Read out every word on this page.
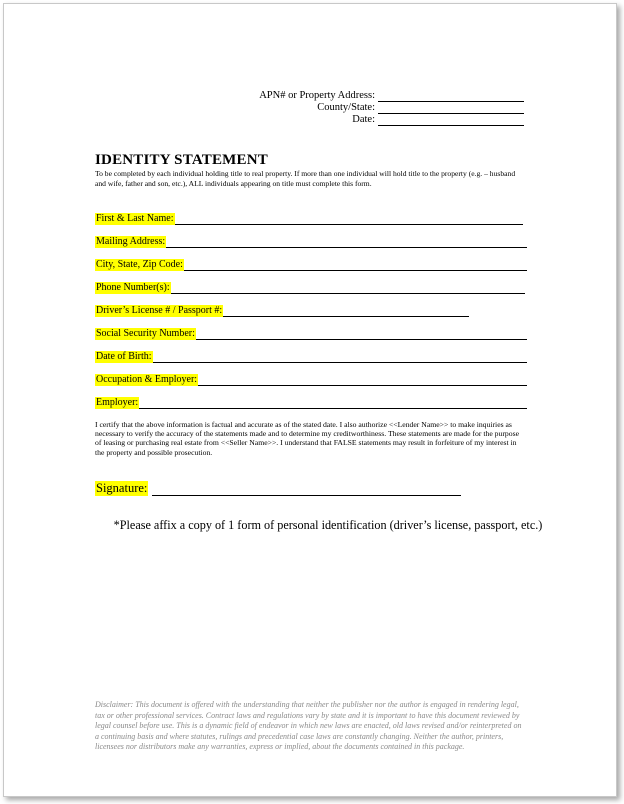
APN# or Property Address:
County/State:
Date:
IDENTITY STATEMENT
To be completed by each individual holding title to real property. If more than one individual will hold title to the property (e.g. – husband and wife, father and son, etc.), ALL individuals appearing on title must complete this form.
First & Last Name:
Mailing Address:
City, State, Zip Code:
Phone Number(s):
Driver’s License # / Passport #:
Social Security Number:
Date of Birth:
Occupation & Employer:
Employer:
I certify that the above information is factual and accurate as of the stated date. I also authorize <<Lender Name>> to make inquiries as necessary to verify the accuracy of the statements made and to determine my creditworthiness. These statements are made for the purpose of leasing or purchasing real estate from <<Seller Name>>. I understand that FALSE statements may result in forfeiture of my interest in the property and possible prosecution.
Signature:
*Please affix a copy of 1 form of personal identification (driver’s license, passport, etc.)
Disclaimer: This document is offered with the understanding that neither the publisher nor the author is engaged in rendering legal, tax or other professional services. Contract laws and regulations vary by state and it is important to have this document reviewed by legal counsel before use. This is a dynamic field of endeavor in which new laws are enacted, old laws revised and/or reinterpreted on a continuing basis and where statutes, rulings and precedential case laws are constantly changing. Neither the author, printers, licensees nor distributors make any warranties, express or implied, about the documents contained in this package.
